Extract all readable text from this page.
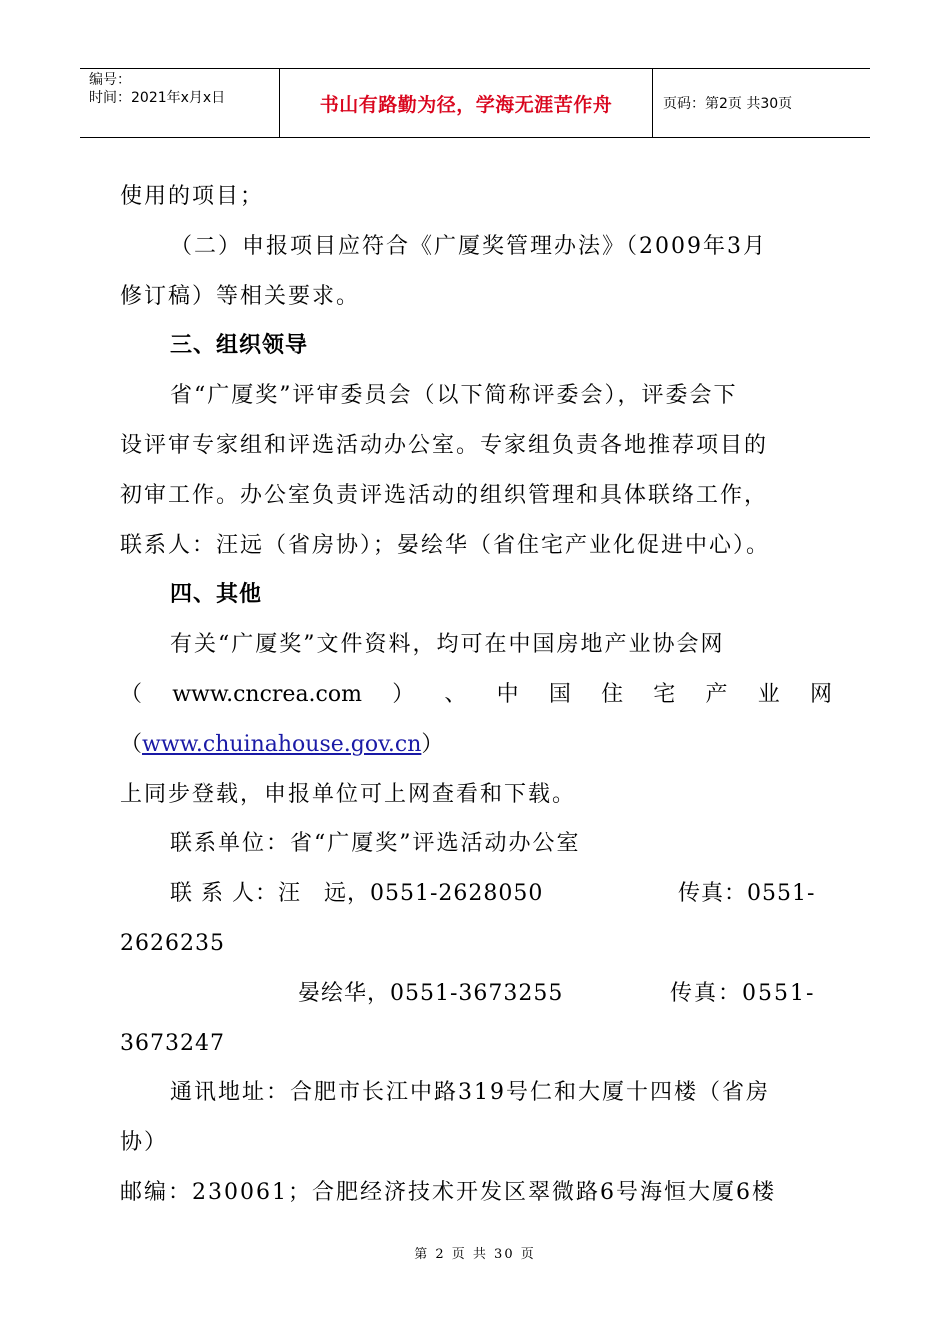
编号：
时间：2021年x月x日	书山有路勤为径，学海无涯苦作舟	页码：第2页 共30页
使用的项目；
（二）申报项目应符合《广厦奖管理办法》（2009年3月
修订稿）等相关要求。
三、组织领导
省“广厦奖”评审委员会（以下简称评委会），评委会下
设评审专家组和评选活动办公室。专家组负责各地推荐项目的
初审工作。办公室负责评选活动的组织管理和具体联络工作，
联系人：汪远（省房协）；晏绘华（省住宅产业化促进中心）。
四、其他
有关“广厦奖”文件资料，均可在中国房地产业协会网
（ www.cncrea.com ） 、 中 国 住 宅 产 业 网
（www.chuinahouse.gov.cn）
上同步登载，申报单位可上网查看和下载。
联系单位：省“广厦奖”评选活动办公室
联 系 人：汪　远，0551-2628050	传真：0551-
2626235
晏绘华，0551-3673255	传真：0551-
3673247
通讯地址：合肥市长江中路319号仁和大厦十四楼（省房
协）
邮编：230061；合肥经济技术开发区翠微路6号海恒大厦6楼
第 2 页 共 30 页
